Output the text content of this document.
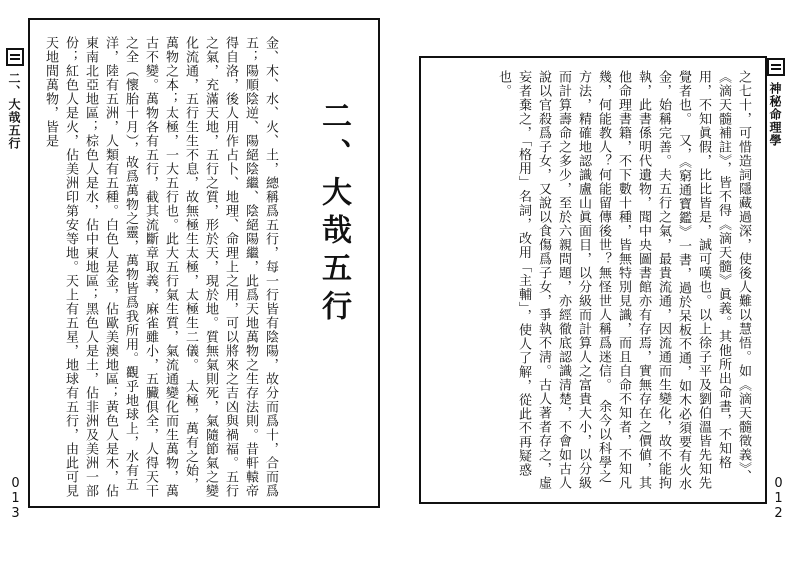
二、大哉五行
013
金、木、水、火、土，總稱爲五行，每一行皆有陰陽，故分而爲十，合而爲五；陽順陰逆、陽絕陰繼、陰絕陽繼，此爲天地萬物之生存法則。昔軒轅帝得自洛，後人用作占卜、地理、命理上之用，可以將來之吉凶與禍福。五行之氣，充滿天地，五行之質，形於天，現於地。質無氣則死，氣隨節氣之變化流通，五行生生不息，故無極生太極，太極生二儀。　太極，萬有之始，萬物之本；太極，一大五行也。此大五行氣生質，氣流通變化而生萬物，萬古不變。萬物各有五行，截其流斷章取義，麻雀雖小，五臟俱全，人得天干之全（懷胎十月），故爲萬物之靈，萬物皆爲我所用。觀乎地球上，水有五洋，陸有五洲，人類有五種。白色人是金，佔歐美澳地區；黃色人是木，佔東南北亞地區；棕色人是水，佔中東地區；黑色人是土，佔非洲及美洲一部份；紅色人是火，佔美洲印第安等地。天上有五星，地球有五行，由此可見天地間萬物，皆是
二、大哉五行	神秘命理學
012
之七十，可惜造詞隱藏過深，使後人難以慧悟。如《滴天髓徵義》、《滴天髓補註》，皆不得《滴天髓》眞義。其他所出命書，不知格用，不知眞假，比比皆是，誠可嘆也。以上徐子平及劉伯溫皆先知先覺者也。　又，《窮通寶鑑》一書，過於呆板不通，如木必須要有火水金，始稱完善。夫五行之氣，最貴流通，因流通而生變化，故不能拘執，此書係明代遺物，聞中央圖書館亦有存焉，實無存在之價値，其他命理書籍，不下數十種，皆無特別見識，而且自命不知者，不知凡幾，何能教人？何能留傳後世？無怪世人稱爲迷信。　余今以科學之方法，精確地認識盧山眞面目，以分級而計算人之富貴大小，以分級而計算壽命之多少，至於六親問題，亦經徹底認識清楚，不會如古人說以官殺爲子女，又說以食傷爲子女，爭執不淸。古人著者存之，虛妄者棄之，「格用」名詞，改用「主輔」，使人了解，從此不再疑惑也。
